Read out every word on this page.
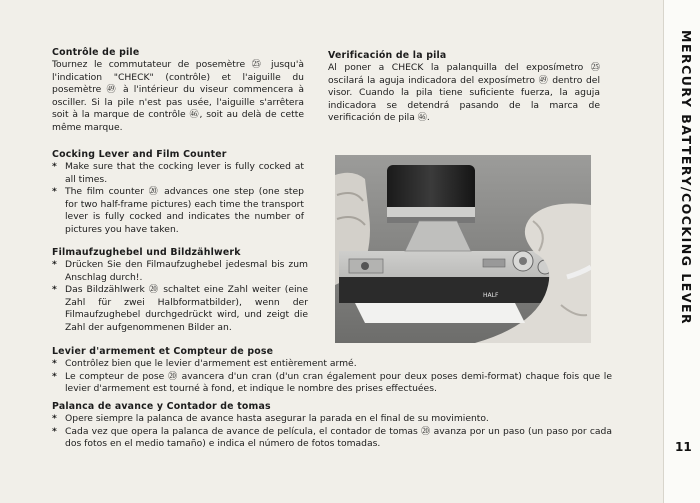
Contrôle de pile

Tournez le commutateur de posemètre ㉕ jusqu'à l'indication "CHECK" (contrôle) et l'aiguille du posemètre ㊾ à l'intérieur du viseur commencera à osciller. Si la pile n'est pas usée, l'aiguille s'arrêtera soit à la marque de contrôle ㊻, soit au delà de cette même marque.

Verificación de la pila

Al poner a CHECK la palanquilla del exposímetro ㉕ oscilará la aguja indicadora del exposímetro ㊾ dentro del visor. Cuando la pila tiene suficiente fuerza, la aguja indicadora se detendrá pasando de la marca de verificación de pila ㊻.

Cocking Lever and Film Counter
* Make sure that the cocking lever is fully cocked at all times.
* The film counter ⑳ advances one step (one step for two half-frame pictures) each time the transport lever is fully cocked and indicates the number of pictures you have taken.
Filmaufzughebel und Bildzählwerk
* Drücken Sie den Filmaufzughebel jedesmal bis zum Anschlag durch!.
* Das Bildzählwerk ⑳ schaltet eine Zahl weiter (eine Zahl für zwei Halbformatbilder), wenn der Filmaufzughebel durchgedrückt wird, und zeigt die Zahl der aufgenommenen Bilder an.
Levier d'armement et Compteur de pose
* Contrôlez bien que le levier d'armement est entièrement armé.
* Le compteur de pose ⑳ avancera d'un cran (d'un cran également pour deux poses demi-format) chaque fois que le levier d'armement est tourné à fond, et indique le nombre des prises effectuées.
Palanca de avance y Contador de tomas
* Opere siempre la palanca de avance hasta asegurar la parada en el final de su movimiento.
* Cada vez que opera la palanca de avance de película, el contador de tomas ⑳ avanza por un paso (un paso por cada dos fotos en el medio tamaño) e indica el número de fotos tomadas.
HALF	MERCURY BATTERY/COCKING LEVER
11
